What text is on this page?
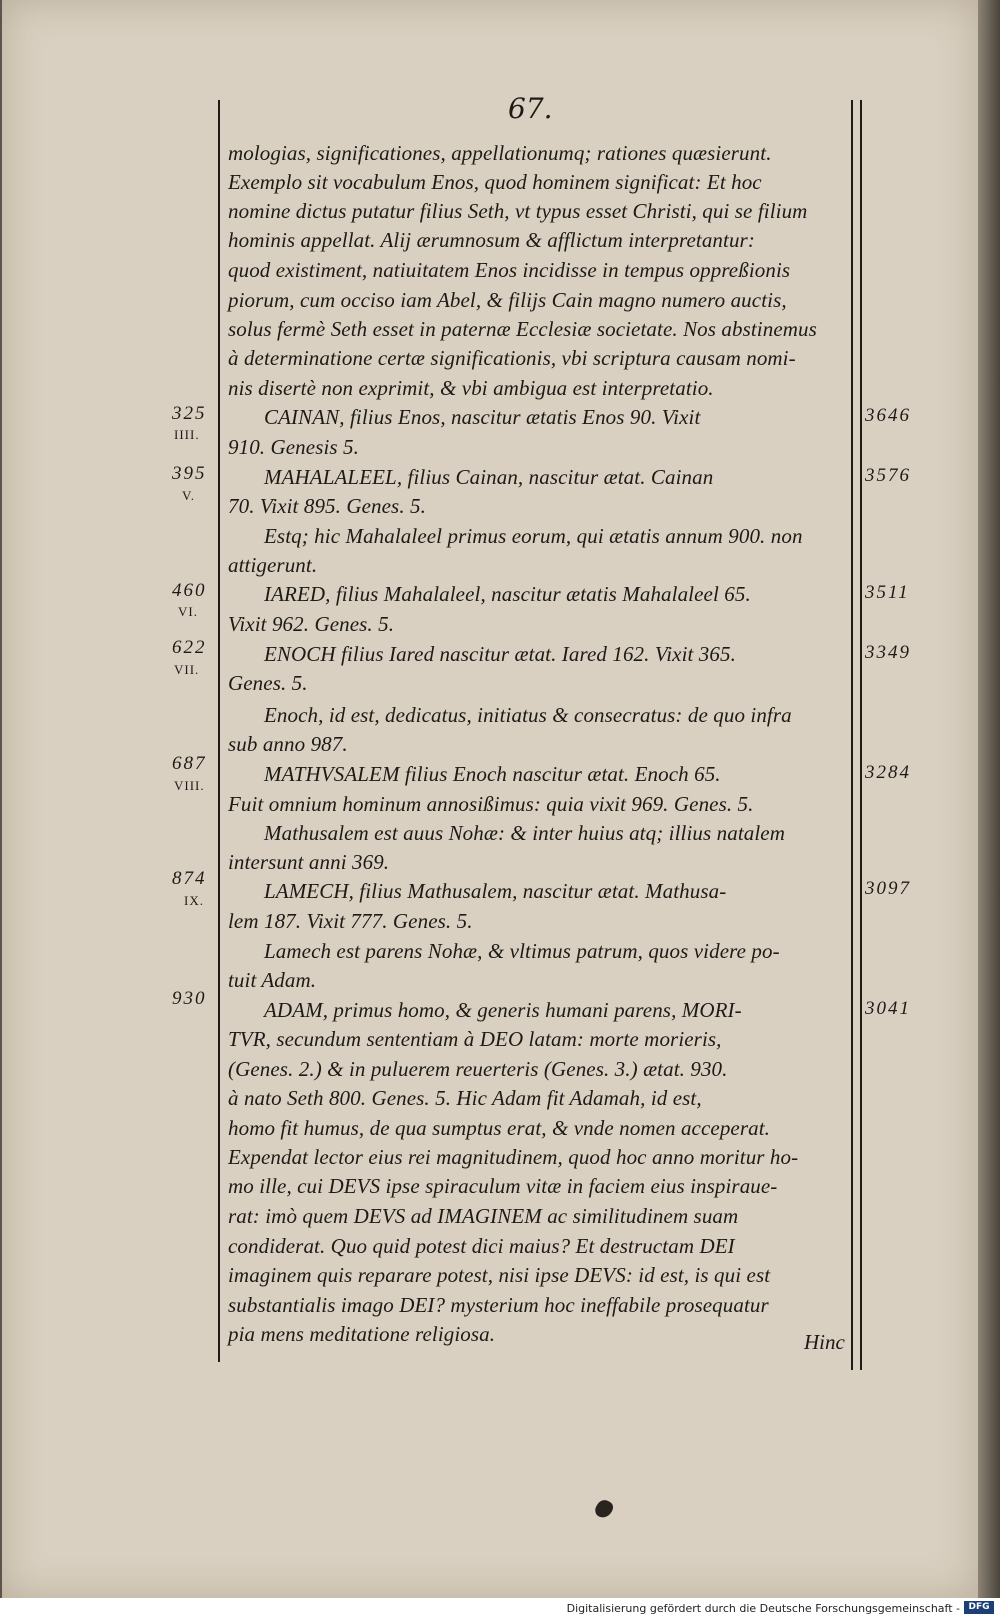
67.
mologias, significationes, appellationumq; rationes quæsierunt.
Exemplo sit vocabulum Enos, quod hominem significat: Et hoc
nomine dictus putatur filius Seth, vt typus esset Christi, qui se filium
hominis appellat. Alij ærumnosum & afflictum interpretantur:
quod existiment, natiuitatem Enos incidisse in tempus oppreßionis
piorum, cum occiso iam Abel, & filijs Cain magno numero auctis,
solus fermè Seth esset in paternæ Ecclesiæ societate. Nos abstinemus
à determinatione certæ significationis, vbi scriptura causam nomi-
nis disertè non exprimit, & vbi ambigua est interpretatio.
CAINAN, filius Enos, nascitur ætatis Enos 90. Vixit
910. Genesis 5.
MAHALALEEL, filius Cainan, nascitur ætat. Cainan
70. Vixit 895. Genes. 5.
Estq; hic Mahalaleel primus eorum, qui ætatis annum 900. non
attigerunt.
IARED, filius Mahalaleel, nascitur ætatis Mahalaleel 65.
Vixit 962. Genes. 5.
ENOCH filius Iared nascitur ætat. Iared 162. Vixit 365.
Genes. 5.
Enoch, id est, dedicatus, initiatus & consecratus: de quo infra
sub anno 987.
MATHVSALEM filius Enoch nascitur ætat. Enoch 65.
Fuit omnium hominum annosißimus: quia vixit 969. Genes. 5.
Mathusalem est auus Nohæ: & inter huius atq; illius natalem
intersunt anni 369.
LAMECH, filius Mathusalem, nascitur ætat. Mathusa-
lem 187. Vixit 777. Genes. 5.
Lamech est parens Nohæ, & vltimus patrum, quos videre po-
tuit Adam.
ADAM, primus homo, & generis humani parens, MORI-
TVR, secundum sententiam à DEO latam: morte morieris,
(Genes. 2.) & in puluerem reuerteris (Genes. 3.) ætat. 930.
à nato Seth 800. Genes. 5. Hic Adam fit Adamah, id est,
homo fit humus, de qua sumptus erat, & vnde nomen acceperat.
Expendat lector eius rei magnitudinem, quod hoc anno moritur ho-
mo ille, cui DEVS ipse spiraculum vitæ in faciem eius inspiraue-
rat: imò quem DEVS ad IMAGINEM ac similitudinem suam
condiderat. Quo quid potest dici maius? Et destructam DEI
imaginem quis reparare potest, nisi ipse DEVS: id est, is qui est
substantialis imago DEI? mysterium hoc ineffabile prosequatur
pia mens meditatione religiosa.	Hinc
325
IIII.
395
V.
460
VI.
622
VII.
687
VIII.
874
IX.
930
3646
3576
3511
3349
3284
3097
3041
Digitalisierung gefördert durch die Deutsche Forschungsgemeinschaft - DFG
